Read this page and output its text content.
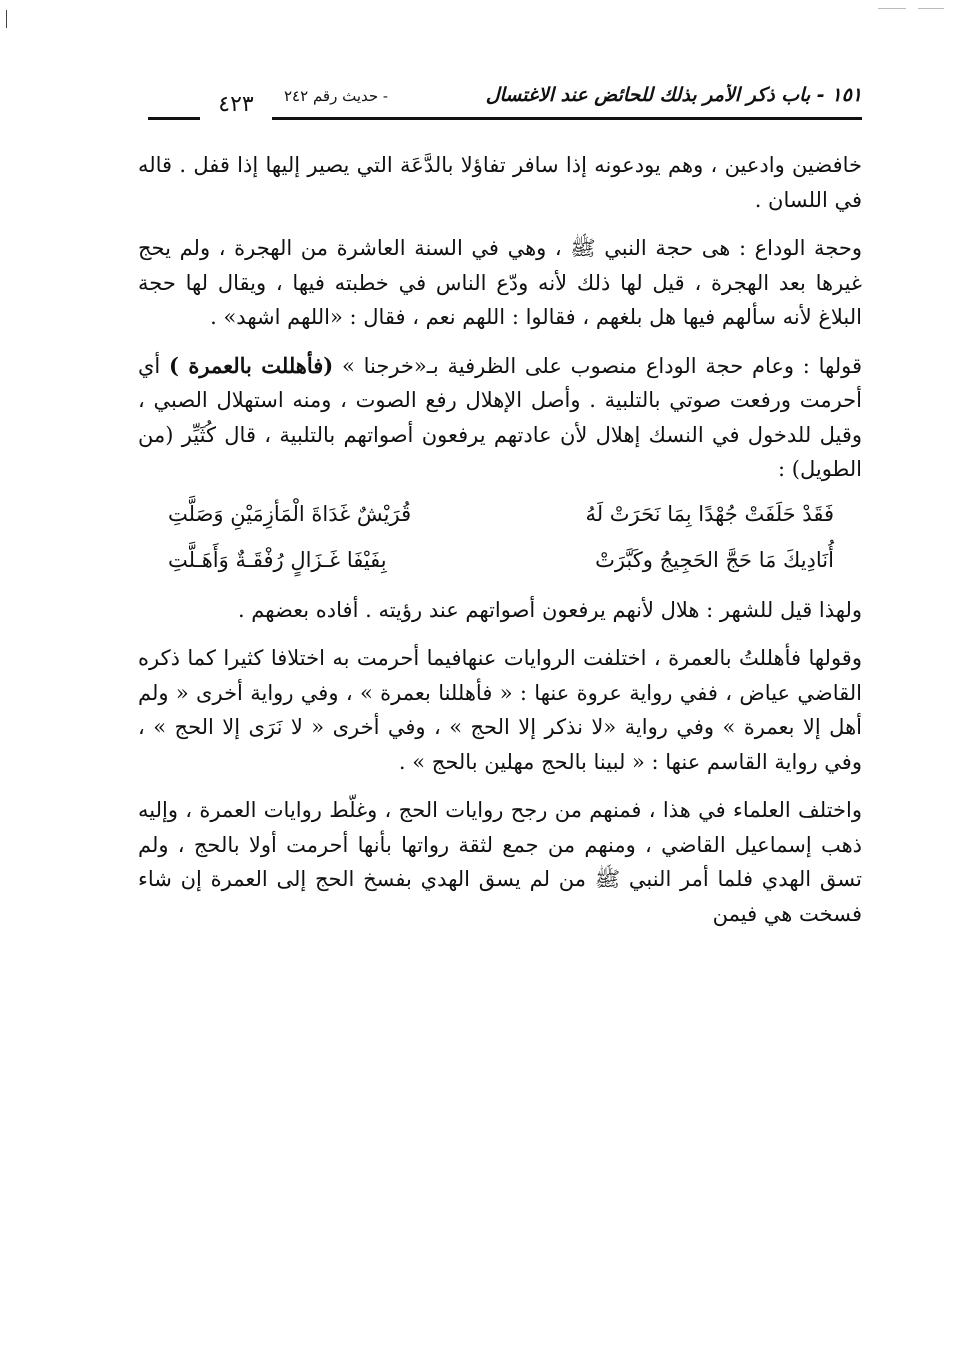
١٥١ - باب ذكر الأمر بذلك للحائض عند الاغتسال
- حديث رقم ٢٤٢
٤٢٣

خافضين وادعين ، وهم يودعونه إذا سافر تفاؤلا بالدَّعَة التي يصير إليها إذا قفل . قاله في اللسان .

وحجة الوداع : هى حجة النبي ﷺ ، وهي في السنة العاشرة من الهجرة ، ولم يحج غيرها بعد الهجرة ، قيل لها ذلك لأنه ودّع الناس في خطبته فيها ، ويقال لها حجة البلاغ لأنه سألهم فيها هل بلغهم ، فقالوا : اللهم نعم ، فقال : «اللهم اشهد» .

قولها : وعام حجة الوداع منصوب على الظرفية بـ«خرجنا » (فأهللت بالعمرة ) أي أحرمت ورفعت صوتي بالتلبية . وأصل الإهلال رفع الصوت ، ومنه استهلال الصبي ، وقيل للدخول في النسك إهلال لأن عادتهم يرفعون أصواتهم بالتلبية ، قال كُثَيِّر (من الطويل) :

فَقَدْ حَلَفَتْ جُهْدًا بِمَا نَحَرَتْ لَهُ
قُرَيْشٌ غَدَاةَ الْمَأزِمَيْنِ وَصَلَّتِ
أُنَادِيكَ مَا حَجَّ الحَجِيجُ وكَبَّرَتْ
بِفَيْفَا غَـزَالٍ رُفْقَـةٌ وَأَهَـلَّتِ

ولهذا قيل للشهر : هلال لأنهم يرفعون أصواتهم عند رؤيته . أفاده بعضهم .

وقولها فأهللتُ بالعمرة ، اختلفت الروايات عنهافيما أحرمت به اختلافا كثيرا كما ذكره القاضي عياض ، ففي رواية عروة عنها : « فأهللنا بعمرة » ، وفي رواية أخرى « ولم أهل إلا بعمرة » وفي رواية «لا نذكر إلا الحج » ، وفي أخرى « لا نَرَى إلا الحج » ، وفي رواية القاسم عنها : « لبينا بالحج مهلين بالحج » .

واختلف العلماء في هذا ، فمنهم من رجح روايات الحج ، وغلّط روايات العمرة ، وإليه ذهب إسماعيل القاضي ، ومنهم من جمع لثقة رواتها بأنها أحرمت أولا بالحج ، ولم تسق الهدي فلما أمر النبي ﷺ من لم يسق الهدي بفسخ الحج إلى العمرة إن شاء فسخت هي فيمن
